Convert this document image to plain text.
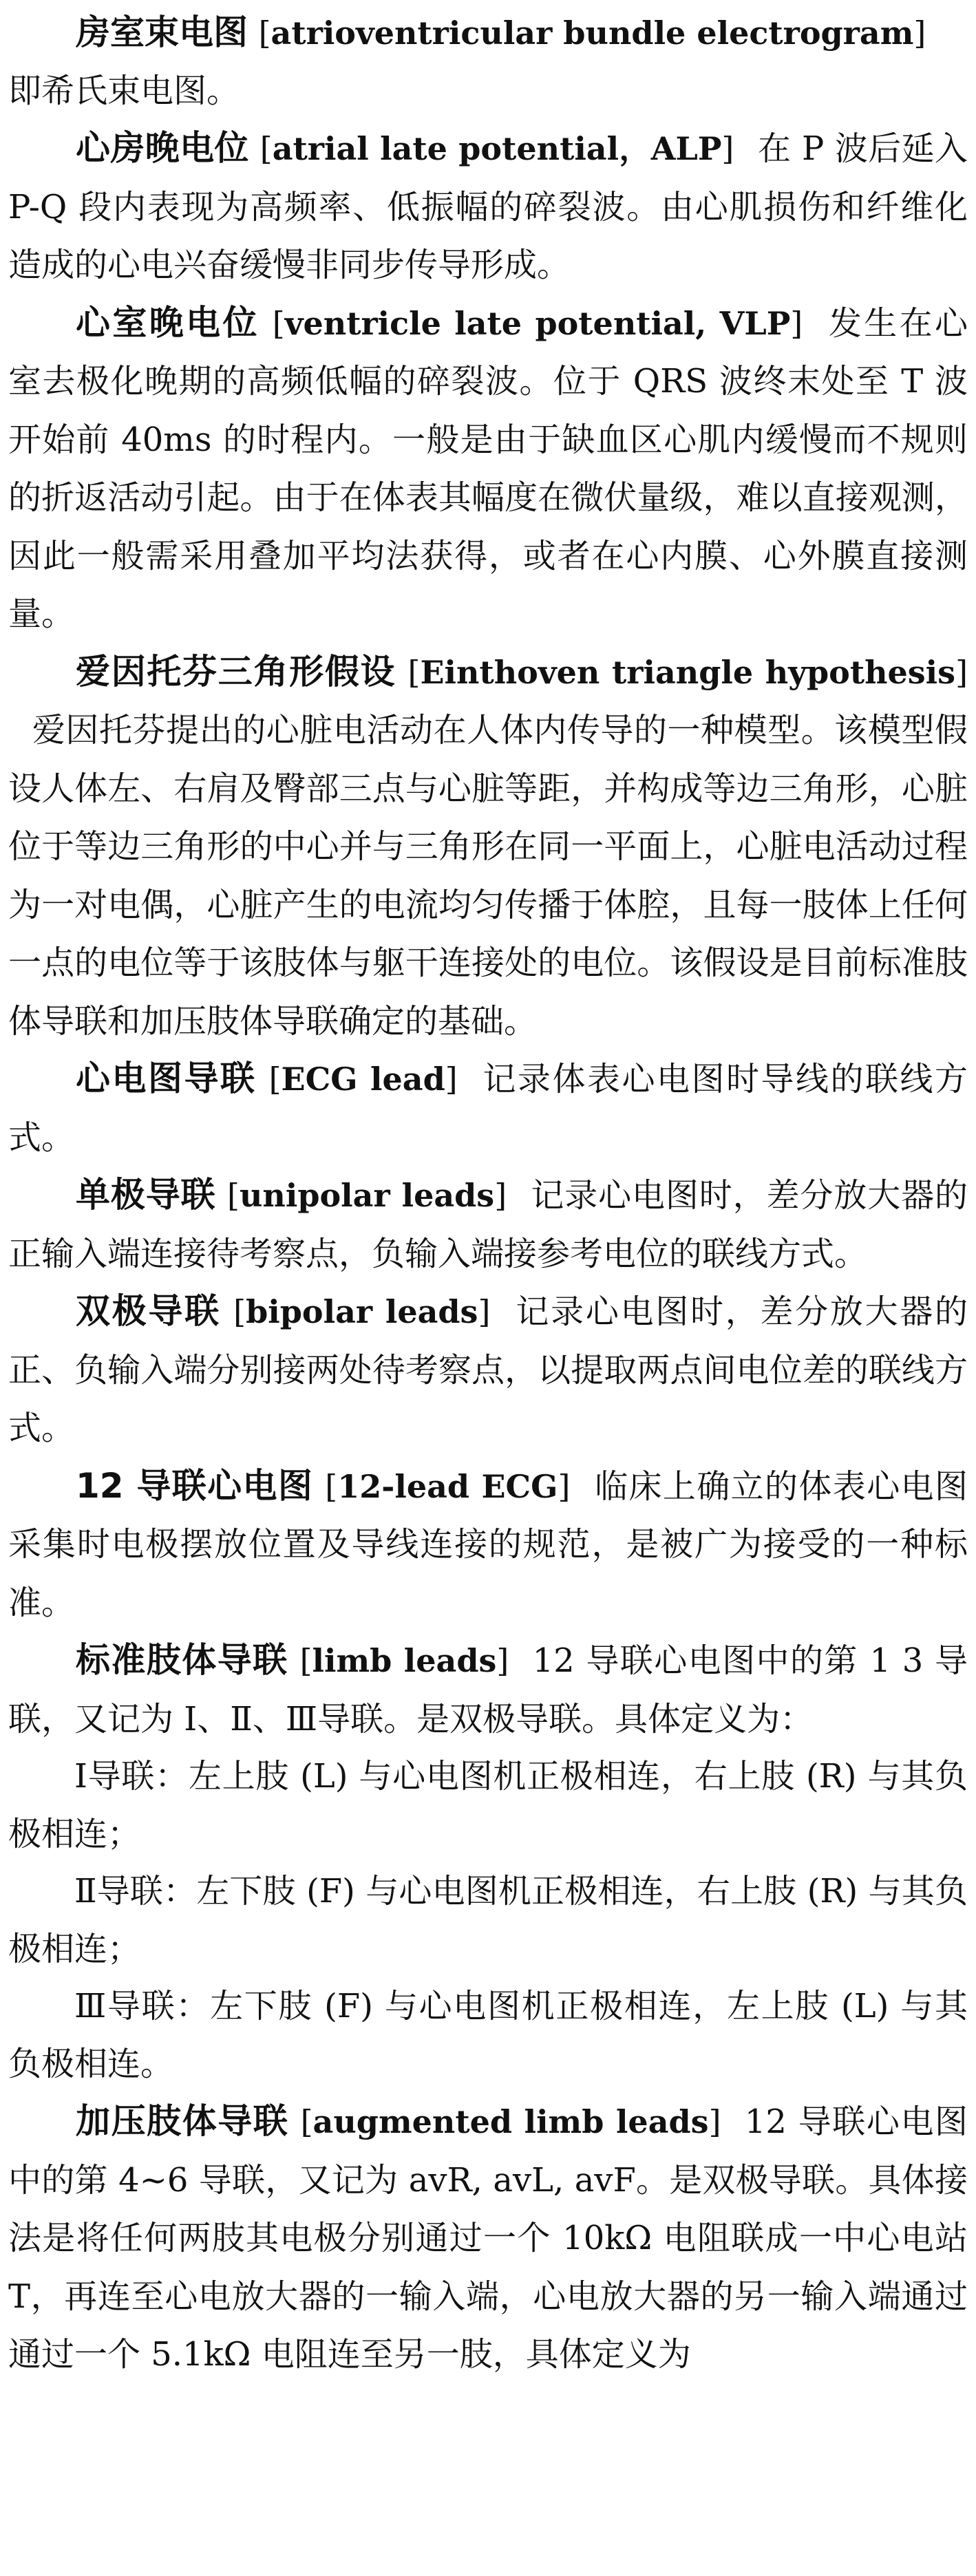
房室束电图 [atrioventricular bundle electrogram]

即希氏束电图。

心房晚电位 [atrial late potential，ALP] 在 P 波后延入 P-Q 段内表现为高频率、低振幅的碎裂波。由心肌损伤和纤维化造成的心电兴奋缓慢非同步传导形成。

心室晚电位 [ventricle late potential, VLP] 发生在心室去极化晚期的高频低幅的碎裂波。位于 QRS 波终末处至 T 波开始前 40ms 的时程内。一般是由于缺血区心肌内缓慢而不规则的折返活动引起。由于在体表其幅度在微伏量级，难以直接观测，因此一般需采用叠加平均法获得，或者在心内膜、心外膜直接测量。

爱因托芬三角形假设 [Einthoven triangle hypothesis]爱因托芬提出的心脏电活动在人体内传导的一种模型。该模型假设人体左、右肩及臀部三点与心脏等距，并构成等边三角形，心脏位于等边三角形的中心并与三角形在同一平面上，心脏电活动过程为一对电偶，心脏产生的电流均匀传播于体腔，且每一肢体上任何一点的电位等于该肢体与躯干连接处的电位。该假设是目前标准肢体导联和加压肢体导联确定的基础。

心电图导联 [ECG lead] 记录体表心电图时导线的联线方式。

单极导联 [unipolar leads] 记录心电图时，差分放大器的正输入端连接待考察点，负输入端接参考电位的联线方式。

双极导联 [bipolar leads] 记录心电图时，差分放大器的正、负输入端分别接两处待考察点，以提取两点间电位差的联线方式。

12 导联心电图 [12-lead ECG] 临床上确立的体表心电图采集时电极摆放位置及导线连接的规范，是被广为接受的一种标准。

标准肢体导联 [limb leads] 12 导联心电图中的第 1 3 导联，又记为 Ⅰ、Ⅱ、Ⅲ导联。是双极导联。具体定义为：

Ⅰ导联：左上肢 (L) 与心电图机正极相连，右上肢 (R) 与其负极相连；

Ⅱ导联：左下肢 (F) 与心电图机正极相连，右上肢 (R) 与其负极相连；

Ⅲ导联：左下肢 (F) 与心电图机正极相连，左上肢 (L) 与其负极相连。

加压肢体导联 [augmented limb leads] 12 导联心电图中的第 4~6 导联，又记为 avR, avL, avF。是双极导联。具体接法是将任何两肢其电极分别通过一个 10kΩ 电阻联成一中心电站 T，再连至心电放大器的一输入端，心电放大器的另一输入端通过通过一个 5.1kΩ 电阻连至另一肢，具体定义为
